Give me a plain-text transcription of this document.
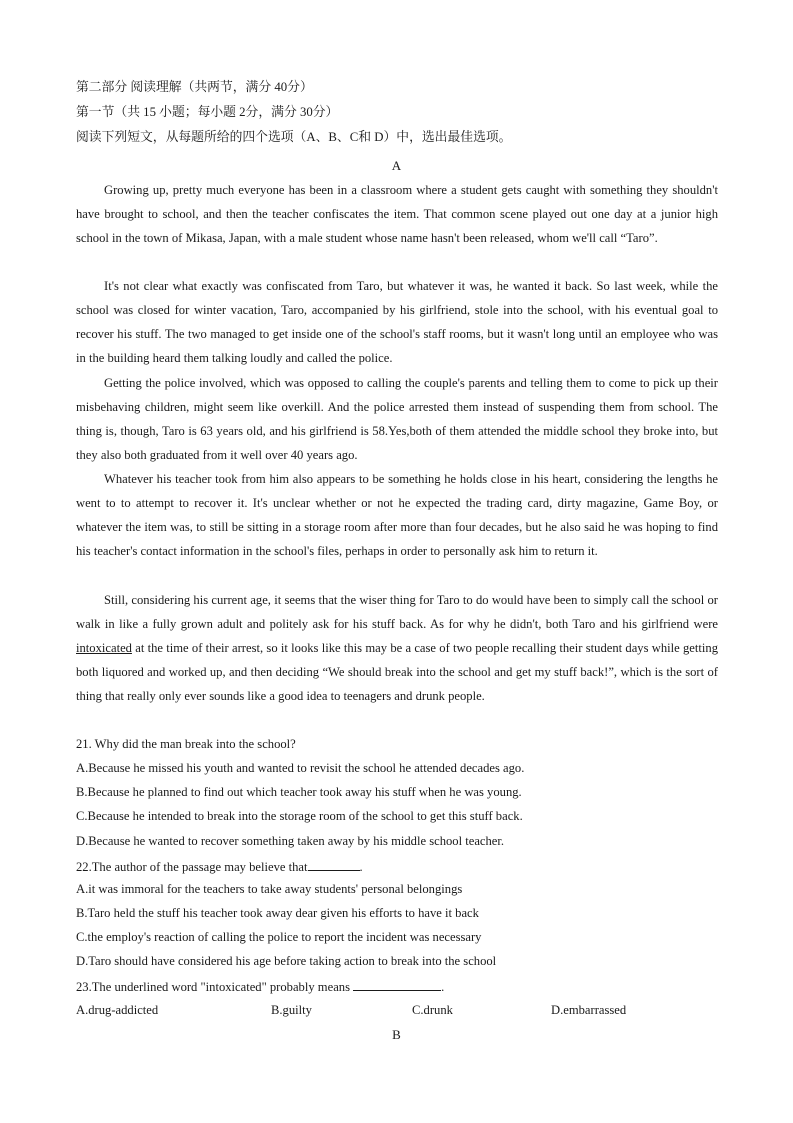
第二部分 阅读理解（共两节，满分 40分）
第一节（共 15 小题；每小题 2分，满分 30分）
阅读下列短文，从每题所给的四个选项（A、B、C和 D）中，选出最佳选项。
A
Growing up, pretty much everyone has been in a classroom where a student gets caught with something they shouldn't have brought to school, and then the teacher confiscates the item. That common scene played out one day at a junior high school in the town of Mikasa, Japan, with a male student whose name hasn't been released, whom we'll call “Taro”.
It's not clear what exactly was confiscated from Taro, but whatever it was, he wanted it back. So last week, while the school was closed for winter vacation, Taro, accompanied by his girlfriend, stole into the school, with his eventual goal to recover his stuff. The two managed to get inside one of the school's staff rooms, but it wasn't long until an employee who was in the building heard them talking loudly and called the police.
Getting the police involved, which was opposed to calling the couple's parents and telling them to come to pick up their misbehaving children, might seem like overkill. And the police arrested them instead of suspending them from school. The thing is, though, Taro is 63 years old, and his girlfriend is 58.Yes,both of them attended the middle school they broke into, but they also both graduated from it well over 40 years ago.
Whatever his teacher took from him also appears to be something he holds close in his heart, considering the lengths he went to to attempt to recover it. It's unclear whether or not he expected the trading card, dirty magazine, Game Boy, or whatever the item was, to still be sitting in a storage room after more than four decades, but he also said he was hoping to find his teacher's contact information in the school's files, perhaps in order to personally ask him to return it.
Still, considering his current age, it seems that the wiser thing for Taro to do would have been to simply call the school or walk in like a fully grown adult and politely ask for his stuff back. As for why he didn't, both Taro and his girlfriend were intoxicated at the time of their arrest, so it looks like this may be a case of two people recalling their student days while getting both liquored and worked up, and then deciding “We should break into the school and get my stuff back!”, which is the sort of thing that really only ever sounds like a good idea to teenagers and drunk people.
21. Why did the man break into the school?
A.Because he missed his youth and wanted to revisit the school he attended decades ago.
B.Because he planned to find out which teacher took away his stuff when he was young.
C.Because he intended to break into the storage room of the school to get this stuff back.
D.Because he wanted to recover something taken away by his middle school teacher.
22.The author of the passage may believe that	.
A.it was immoral for the teachers to take away students' personal belongings
B.Taro held the stuff his teacher took away dear given his efforts to have it back
C.the employ's reaction of calling the police to report the incident was necessary
D.Taro should have considered his age before taking action to break into the school
23.The underlined word "intoxicated" probably means	.
A.drug-addicted	B.guilty	C.drunk	D.embarrassed
B
